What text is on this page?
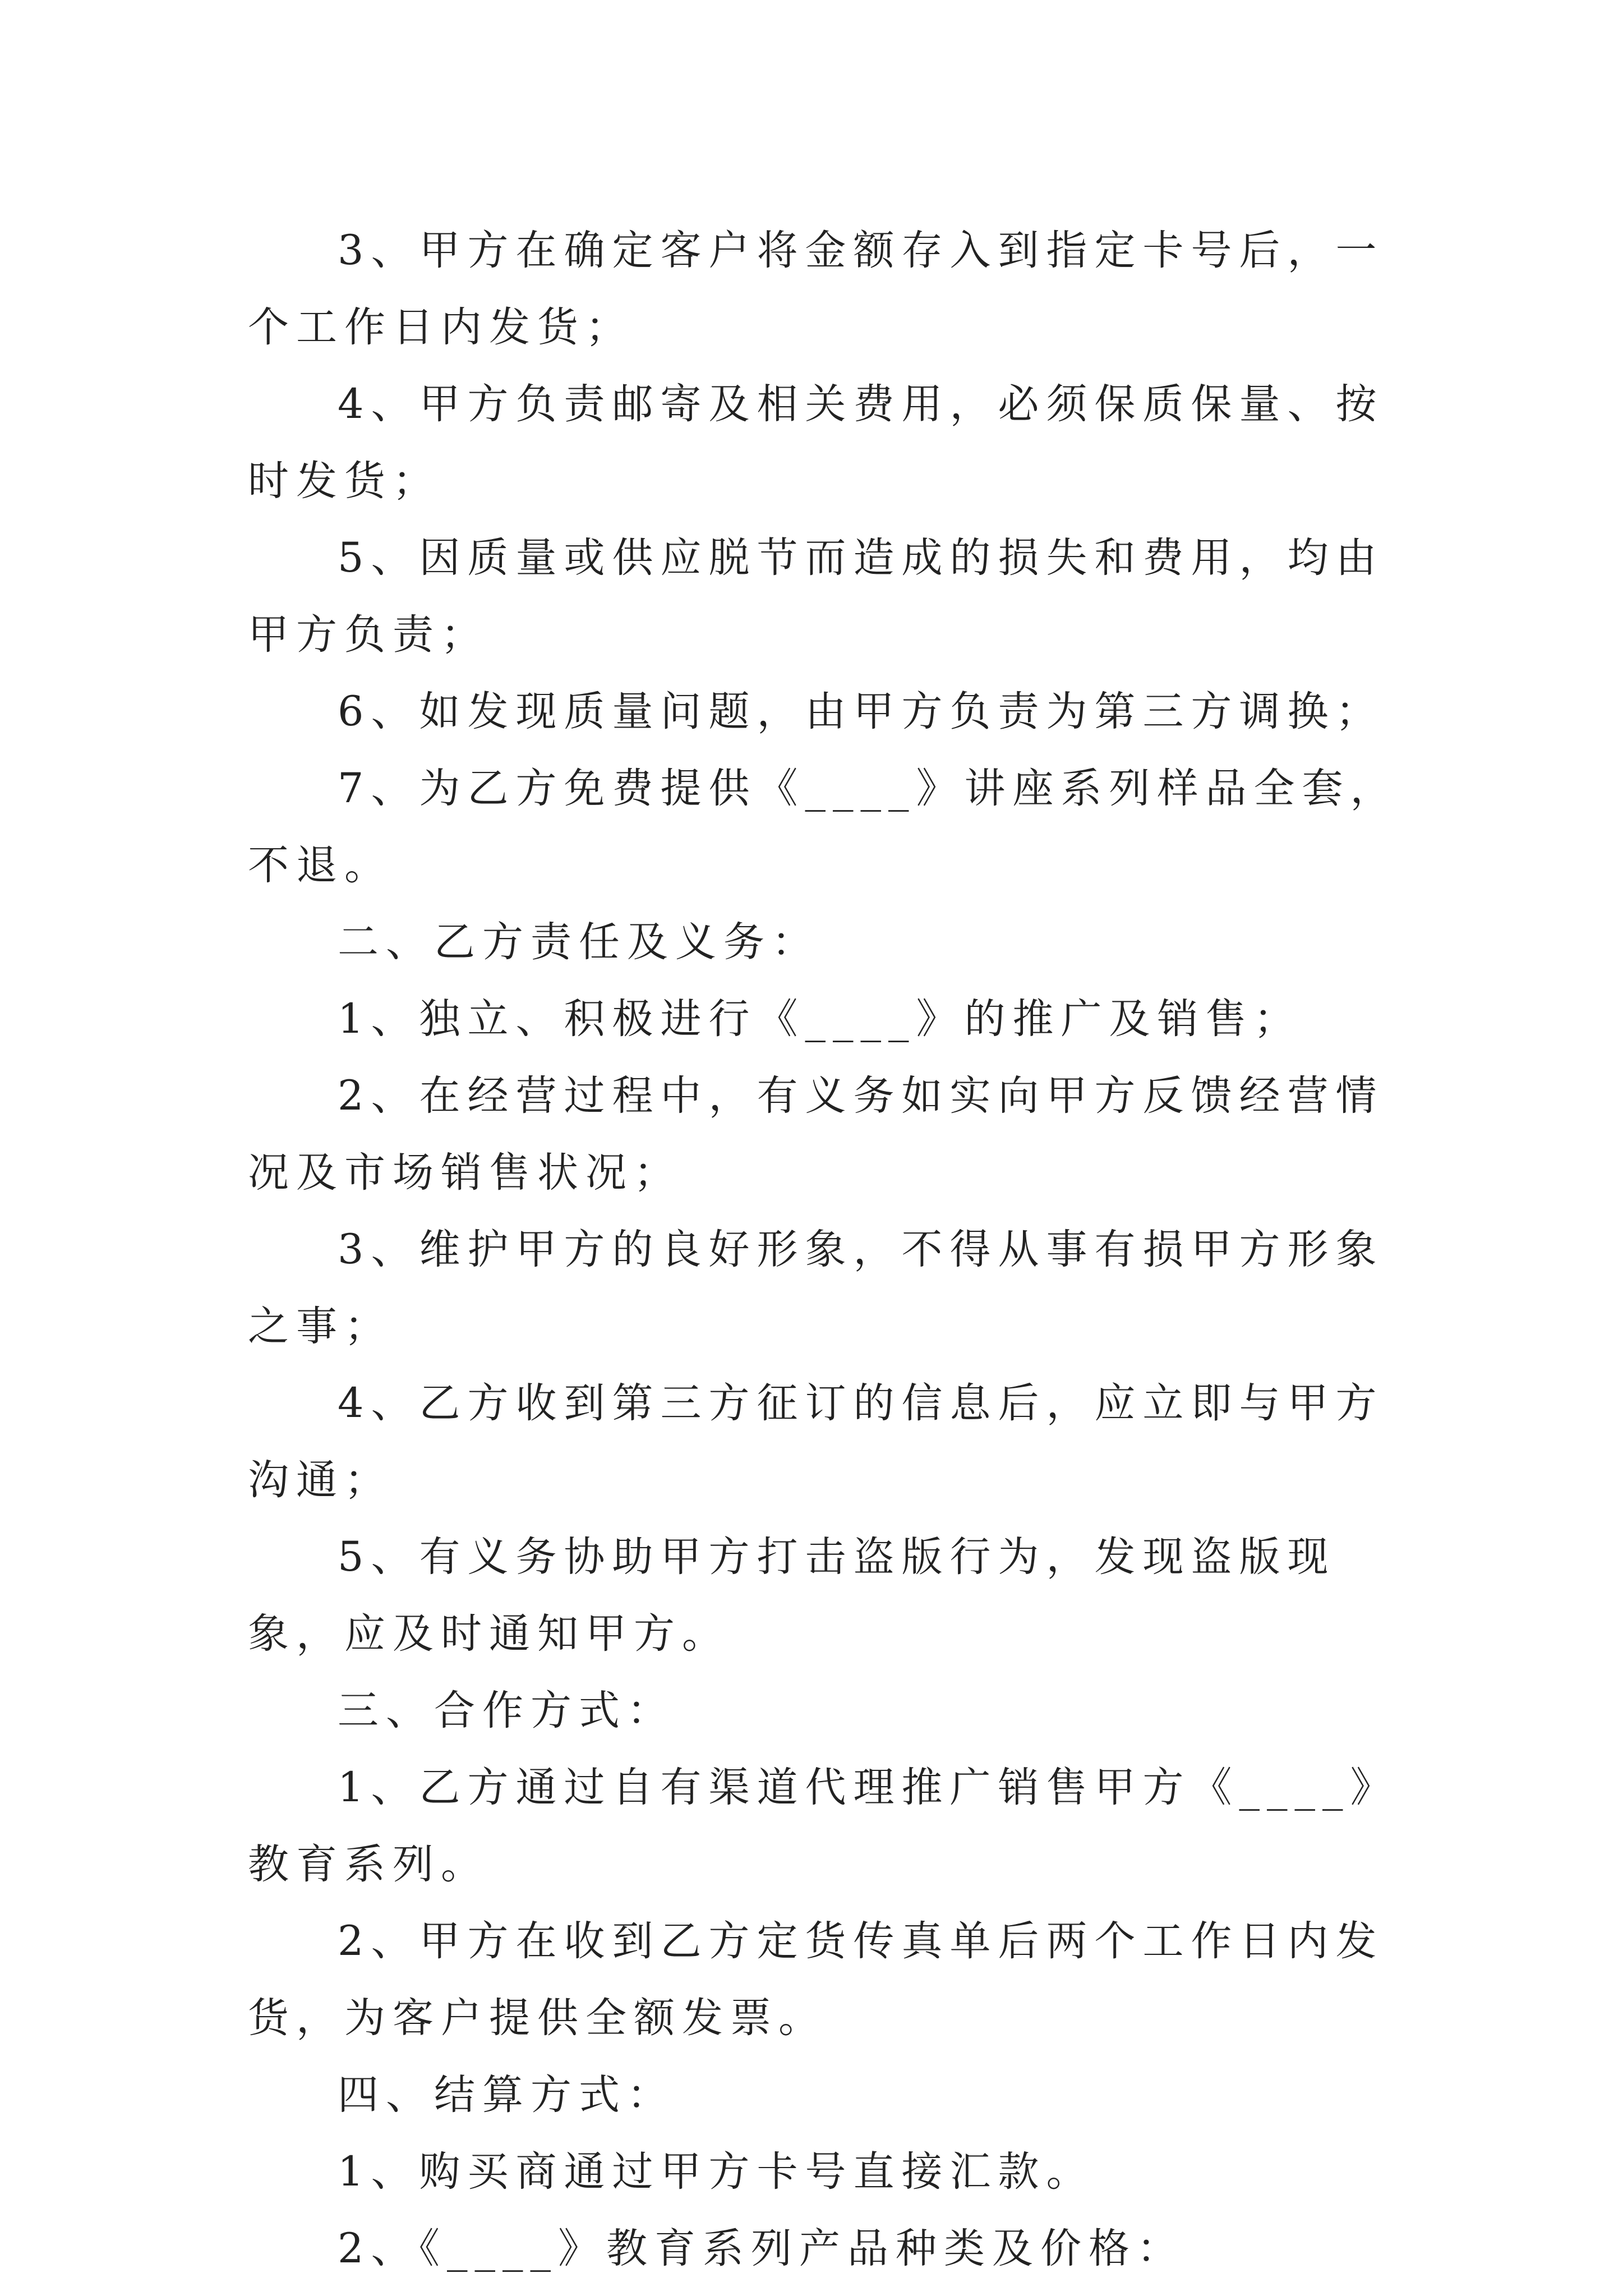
3、甲方在确定客户将金额存入到指定卡号后，一个工作日内发货；

4、甲方负责邮寄及相关费用，必须保质保量、按时发货；

5、因质量或供应脱节而造成的损失和费用，均由甲方负责；

6、如发现质量问题，由甲方负责为第三方调换；

7、为乙方免费提供《____》讲座系列样品全套，不退。

二、乙方责任及义务：

1、独立、积极进行《____》的推广及销售；

2、在经营过程中，有义务如实向甲方反馈经营情况及市场销售状况；

3、维护甲方的良好形象，不得从事有损甲方形象之事；

4、乙方收到第三方征订的信息后，应立即与甲方沟通；

5、有义务协助甲方打击盗版行为，发现盗版现象，应及时通知甲方。

三、合作方式：

1、乙方通过自有渠道代理推广销售甲方《____》教育系列。

2、甲方在收到乙方定货传真单后两个工作日内发货，为客户提供全额发票。

四、结算方式：

1、购买商通过甲方卡号直接汇款。

2、《____》教育系列产品种类及价格：
